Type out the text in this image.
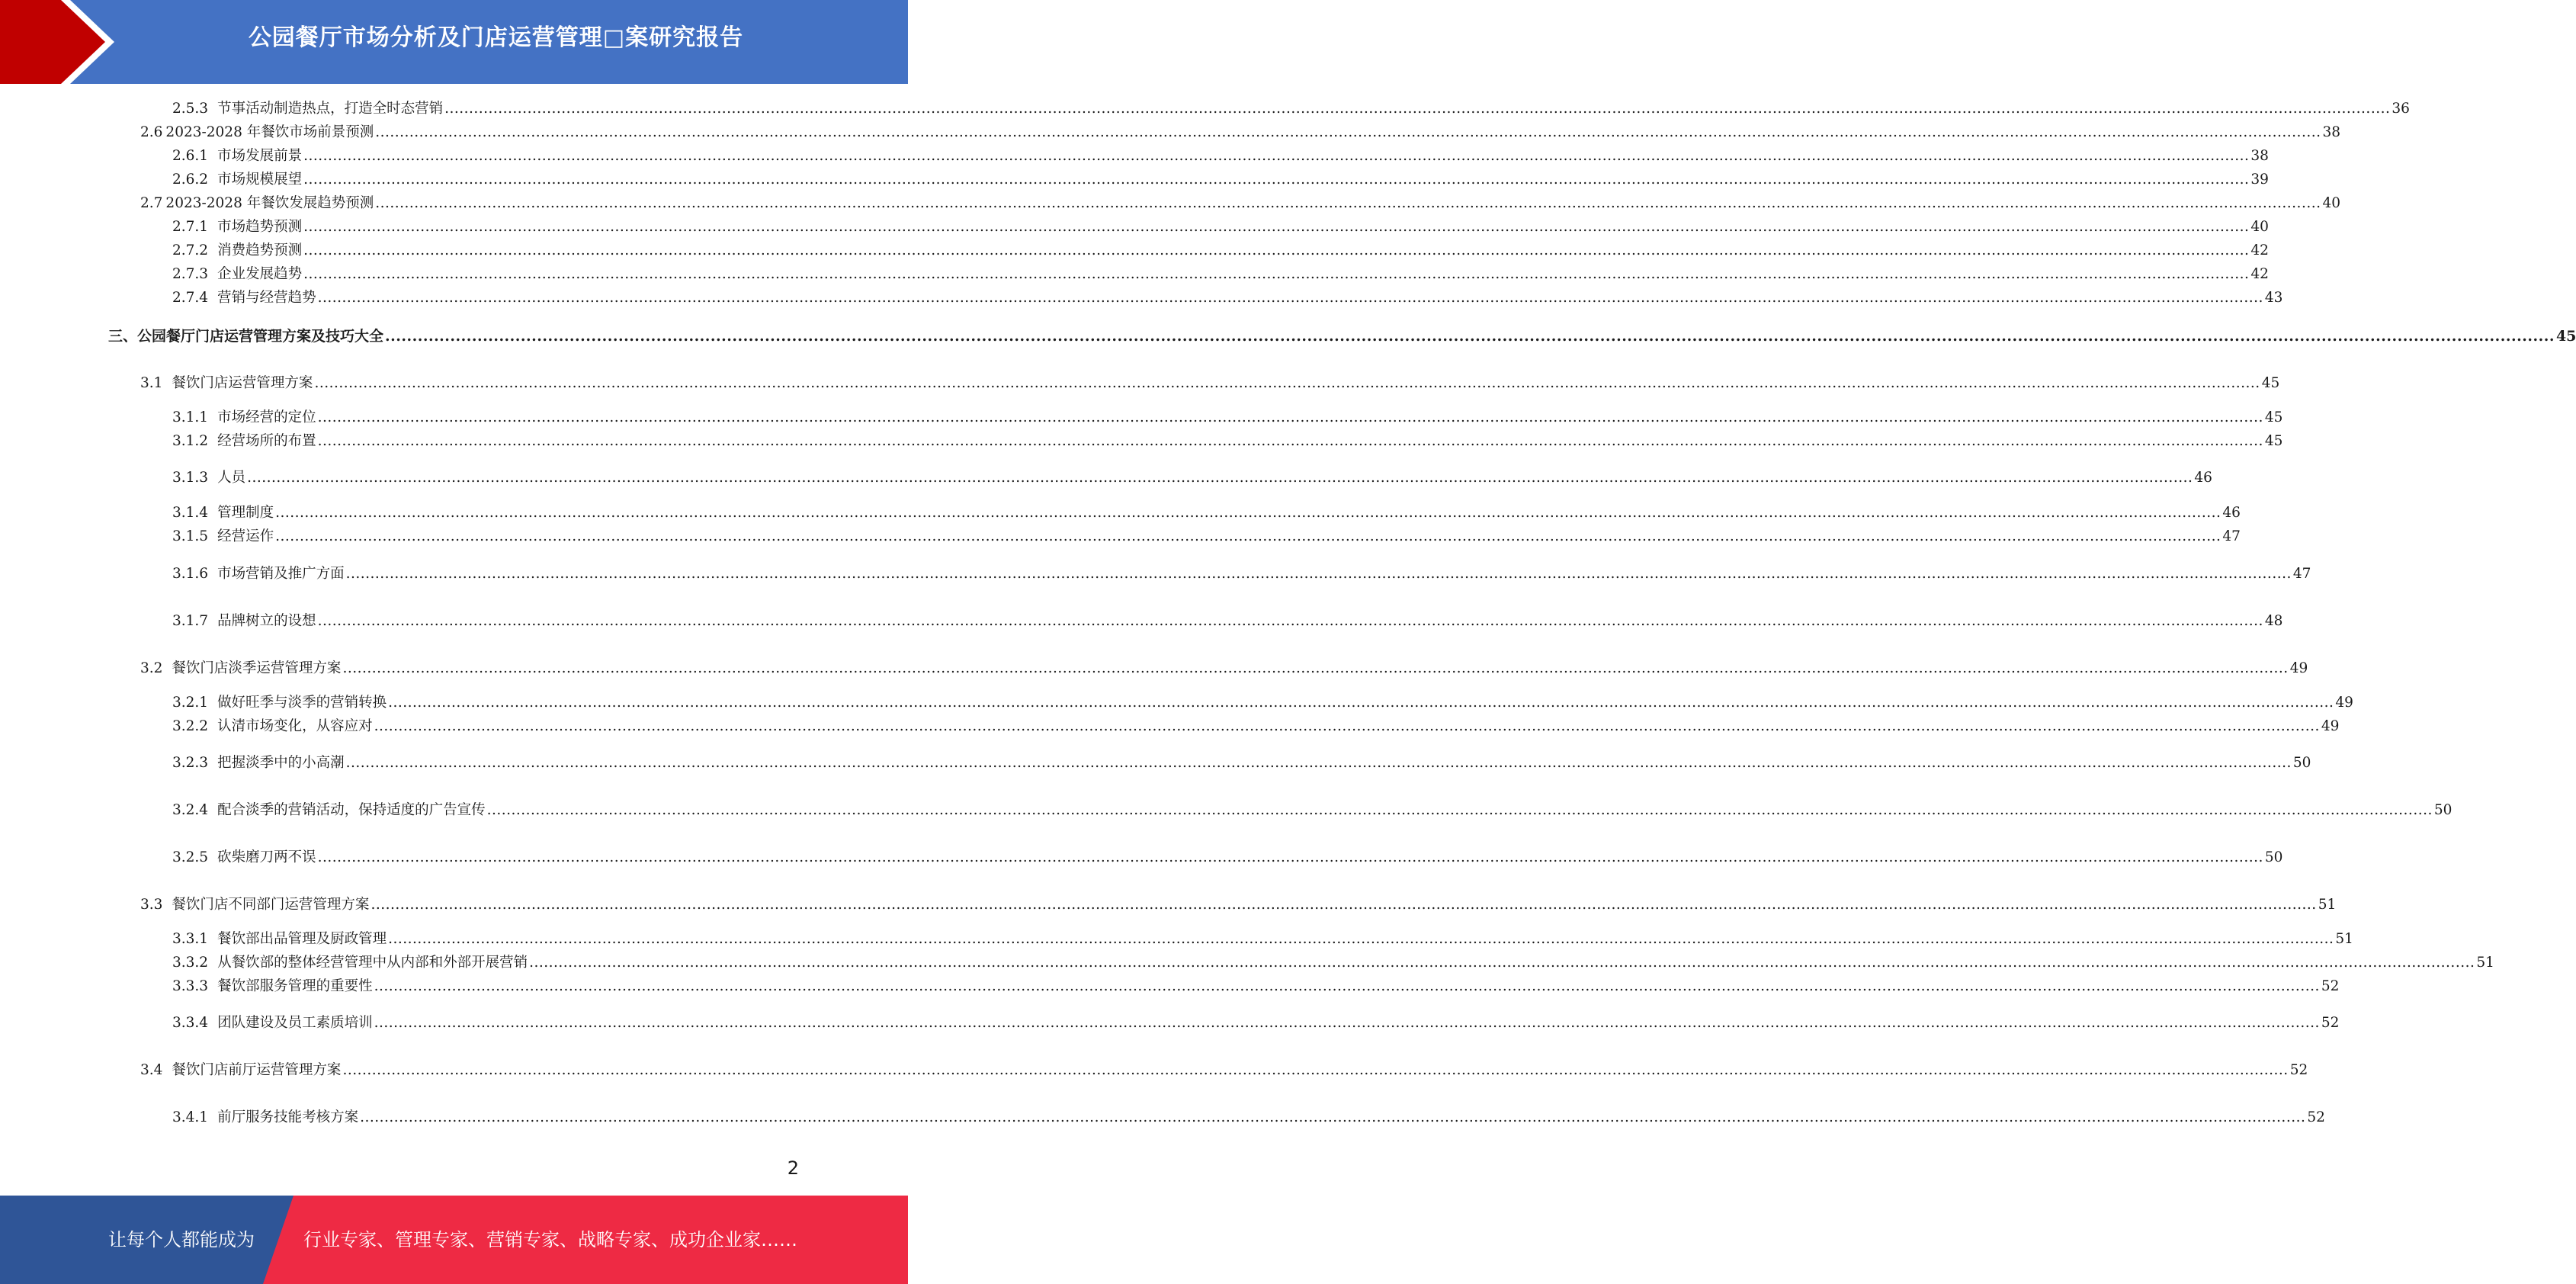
公园餐厅市场分析及门店运营管理□案研究报告
2.5.3 节事活动制造热点，打造全时态营销 ................................................................................................................................................................................................................................................................................................................................................................................................................ 36
2.6 2023-2028 年餐饮市场前景预测 ................................................................................................................................................................................................................................................................................................................................................................................................................ 38
2.6.1 市场发展前景 ................................................................................................................................................................................................................................................................................................................................................................................................................ 38
2.6.2 市场规模展望 ................................................................................................................................................................................................................................................................................................................................................................................................................ 39
2.7 2023-2028 年餐饮发展趋势预测 ................................................................................................................................................................................................................................................................................................................................................................................................................ 40
2.7.1 市场趋势预测 ................................................................................................................................................................................................................................................................................................................................................................................................................ 40
2.7.2 消费趋势预测 ................................................................................................................................................................................................................................................................................................................................................................................................................ 42
2.7.3 企业发展趋势 ................................................................................................................................................................................................................................................................................................................................................................................................................ 42
2.7.4 营销与经营趋势 ................................................................................................................................................................................................................................................................................................................................................................................................................ 43
三、公园餐厅门店运营管理方案及技巧大全 ................................................................................................................................................................................................................................................................................................................................................................................................................ 45
3.1 餐饮门店运营管理方案 ................................................................................................................................................................................................................................................................................................................................................................................................................ 45
3.1.1 市场经营的定位 ................................................................................................................................................................................................................................................................................................................................................................................................................ 45
3.1.2 经营场所的布置 ................................................................................................................................................................................................................................................................................................................................................................................................................ 45
3.1.3 人员 ................................................................................................................................................................................................................................................................................................................................................................................................................ 46
3.1.4 管理制度 ................................................................................................................................................................................................................................................................................................................................................................................................................ 46
3.1.5 经营运作 ................................................................................................................................................................................................................................................................................................................................................................................................................ 47
3.1.6 市场营销及推广方面 ................................................................................................................................................................................................................................................................................................................................................................................................................ 47
3.1.7 品牌树立的设想 ................................................................................................................................................................................................................................................................................................................................................................................................................ 48
3.2 餐饮门店淡季运营管理方案 ................................................................................................................................................................................................................................................................................................................................................................................................................ 49
3.2.1 做好旺季与淡季的营销转换 ................................................................................................................................................................................................................................................................................................................................................................................................................ 49
3.2.2 认清市场变化，从容应对 ................................................................................................................................................................................................................................................................................................................................................................................................................ 49
3.2.3 把握淡季中的小高潮 ................................................................................................................................................................................................................................................................................................................................................................................................................ 50
3.2.4 配合淡季的营销活动，保持适度的广告宣传 ................................................................................................................................................................................................................................................................................................................................................................................................................ 50
3.2.5 砍柴磨刀两不误 ................................................................................................................................................................................................................................................................................................................................................................................................................ 50
3.3 餐饮门店不同部门运营管理方案 ................................................................................................................................................................................................................................................................................................................................................................................................................ 51
3.3.1 餐饮部出品管理及厨政管理 ................................................................................................................................................................................................................................................................................................................................................................................................................ 51
3.3.2 从餐饮部的整体经营管理中从内部和外部开展营销 ................................................................................................................................................................................................................................................................................................................................................................................................................ 51
3.3.3 餐饮部服务管理的重要性 ................................................................................................................................................................................................................................................................................................................................................................................................................ 52
3.3.4 团队建设及员工素质培训 ................................................................................................................................................................................................................................................................................................................................................................................................................ 52
3.4 餐饮门店前厅运营管理方案 ................................................................................................................................................................................................................................................................................................................................................................................................................ 52
3.4.1 前厅服务技能考核方案 ................................................................................................................................................................................................................................................................................................................................................................................................................ 52
2
让每个人都能成为	行业专家、管理专家、营销专家、战略专家、成功企业家……
